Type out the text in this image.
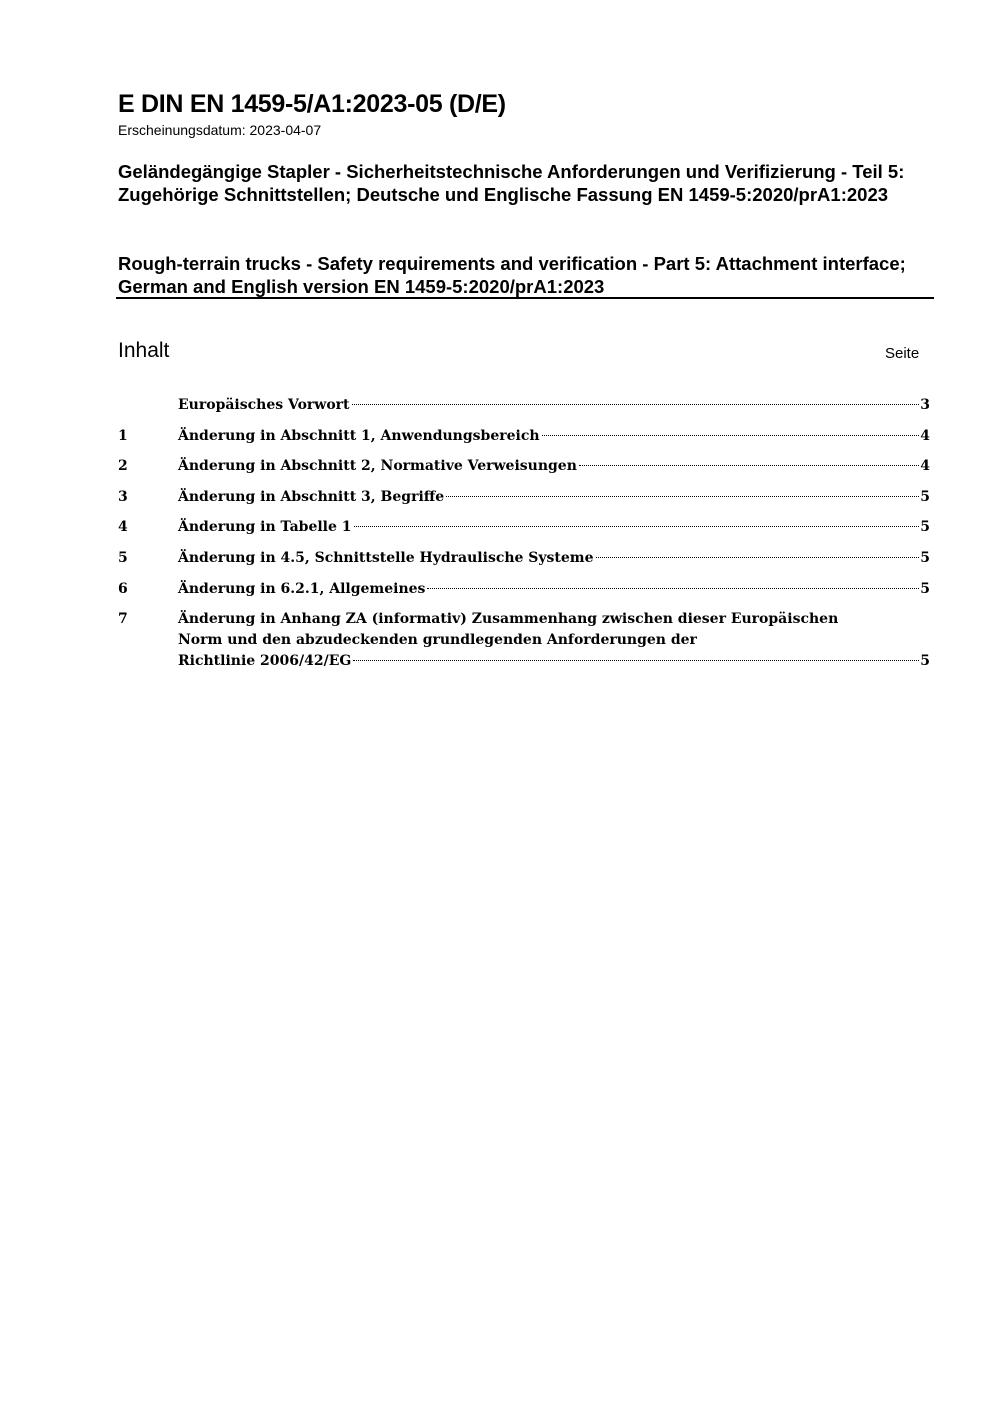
E DIN EN 1459-5/A1:2023-05 (D/E)
Erscheinungsdatum: 2023-04-07
Geländegängige Stapler - Sicherheitstechnische Anforderungen und Verifizierung - Teil 5: Zugehörige Schnittstellen; Deutsche und Englische Fassung EN 1459-5:2020/prA1:2023
Rough-terrain trucks - Safety requirements and verification - Part 5: Attachment interface; German and English version EN 1459-5:2020/prA1:2023
Inhalt	Seite
Europäisches Vorwort	3
1	Änderung in Abschnitt 1, Anwendungsbereich	4
2	Änderung in Abschnitt 2, Normative Verweisungen	4
3	Änderung in Abschnitt 3, Begriffe	5
4	Änderung in Tabelle 1	5
5	Änderung in 4.5, Schnittstelle Hydraulische Systeme	5
6	Änderung in 6.2.1, Allgemeines	5
7	Änderung in Anhang ZA (informativ) Zusammenhang zwischen dieser Europäischen
Norm und den abzudeckenden grundlegenden Anforderungen der
Richtlinie 2006/42/EG	5
